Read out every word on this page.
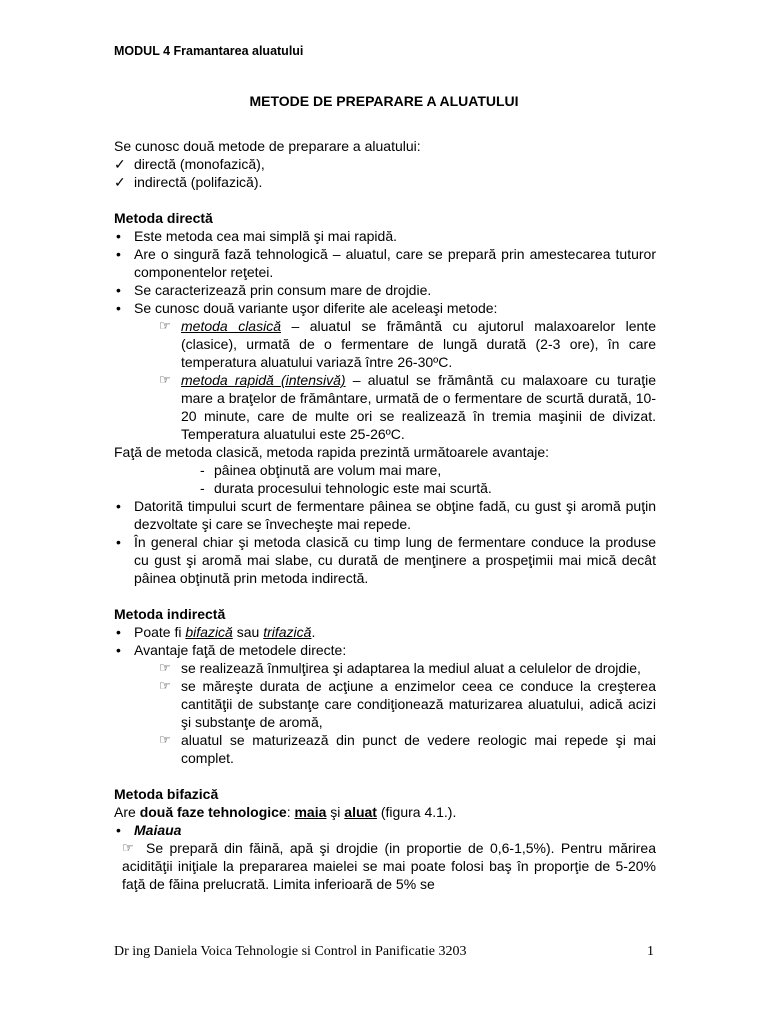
MODUL 4 Framantarea aluatului
METODE DE PREPARARE A ALUATULUI

Se cunosc două metode de preparare a aluatului:

✓ directă (monofazică),
✓ indirectă (polifazică).

Metoda directă

• Este metoda cea mai simplă şi mai rapidă.
• Are o singură fază tehnologică – aluatul, care se prepară prin amestecarea tuturor componentelor reţetei.
• Se caracterizează prin consum mare de drojdie.
• Se cunosc două variante uşor diferite ale aceleaşi metode:
☞ metoda clasică – aluatul se frământă cu ajutorul malaxoarelor lente (clasice), urmată de o fermentare de lungă durată (2-3 ore), în care temperatura aluatului variază între 26-30ºC.
☞ metoda rapidă (intensivă) – aluatul se frământă cu malaxoare cu turaţie mare a braţelor de frământare, urmată de o fermentare de scurtă durată, 10-20 minute, care de multe ori se realizează în tremia maşinii de divizat. Temperatura aluatului este 25-26ºC.

Faţă de metoda clasică, metoda rapida prezintă următoarele avantaje:

- pâinea obţinută are volum mai mare,
- durata procesului tehnologic este mai scurtă.
• Datorită timpului scurt de fermentare pâinea se obţine fadă, cu gust şi aromă puţin dezvoltate şi care se învecheşte mai repede.
• În general chiar şi metoda clasică cu timp lung de fermentare conduce la produse cu gust şi aromă mai slabe, cu durată de menţinere a prospeţimii mai mică decât pâinea obţinută prin metoda indirectă.

Metoda indirectă

• Poate fi bifazică sau trifazică.
• Avantaje faţă de metodele directe:
☞ se realizează înmulţirea şi adaptarea la mediul aluat a celulelor de drojdie,
☞ se măreşte durata de acţiune a enzimelor ceea ce conduce la creşterea cantităţii de substanţe care condiţionează maturizarea aluatului, adică acizi şi substanţe de aromă,
☞ aluatul se maturizează din punct de vedere reologic mai repede şi mai complet.

Metoda bifazică

Are două faze tehnologice: maia şi aluat (figura 4.1.).

• Maiaua
☞ Se prepară din făină, apă şi drojdie (in proportie de 0,6-1,5%). Pentru mărirea acidităţii iniţiale la prepararea maielei se mai poate folosi baş în proporţie de 5-20% faţă de făina prelucrată. Limita inferioară de 5% se
Dr ing Daniela Voica Tehnologie si Control in Panificatie 3203	1
